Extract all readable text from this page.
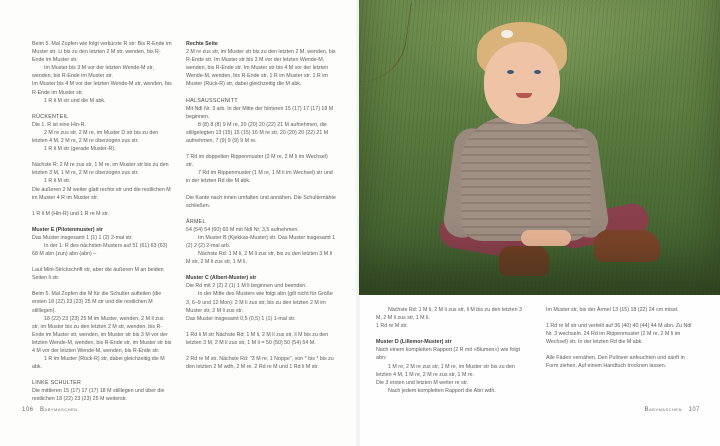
Beim 5. Mal Zopfen wie folgt verkürzte R str: Bis R-Ende im Muster str. Li bis zu den letzten 2 M str, wenden, bis R-Ende im Muster str.
Im Muster bis 3 M vor der letzten Wende-M str, wenden, bis R-Ende im Muster str.
Im Muster bis 4 M vor der letzten Wende-M str, wenden, bis R-Ende im Muster str.
1 R li M str und die M abk.

RÜCKENTEIL
Die 1. R ist eine Hin-R.
2 M re zus str, 2 M re, im Muster D str bis zu den letzten 4 M, 2 M re, 2 M re überzogen zus str.
1 R li M str (gerade Muster-R).

Nächste R: 2 M re zus str, 1 M re, im Muster str bis zu den letzten 3 M, 1 M re, 2 M re überzogen zus str.
1 R li M str.
Die äußeren 2 M weiter glatt rechts str und die restlichen M im Muster 4 R im Muster str.

1 R li M (Hin-R) und 1 R re M str.

Muster E (Pilotenmuster) str
Das Muster insgesamt 1 (1) 1 (2) 2-mal str.
In der 1. R des nächsten Musters auf 51 (61) 63 (63) 68 M abn (zun) abn (abn) –

Laut Mini-Strickschrift str, aber die äußeren M an beiden Seiten li str.

Beim 5. Mal Zopfen die M für die Schulter aufteilen (die ersten 18 (22) 23 (23) 25 M str und die restlichen M stilllegen).
18 (22) 23 (23) 25 M im Muster, wenden, 2 M li zus str, im Muster bis zu den letzten 2 M str, wenden, bis R-Ende im Muster str, wenden, im Muster str bis 3 M vor der letzten Wende-M, wenden, bis R-Ende str, im Muster str bis 4 M vor der letzten Wende-M, wenden, bis R-Ende str.
1 R im Muster (Rück-R) str, dabei gleichzeitig die M abk.

LINKE SCHULTER
Die mittleren 15 (17) 17 (17) 18 M stilllegen und über die restlichen 18 (22) 23 (23) 25 M weiterstr.

Rechte Seite
2 M re zus str, im Muster str bis zu den letzten 2 M, wenden, bis R-Ende str. Im Muster str bis 3 M vor der letzten Wende-M, wenden, bis R-Ende str. Im Muster str bis 4 M vor der letzten Wende-M, wenden, bis R-Ende str. 1 R im Muster str. 1 R im Muster (Rück-R) str, dabei gleichzeitig die M abk.

HALSAUSSCHNITT
Mit Ndl Nr. 3 arb. In der Mitte der hinteren 15 (17) 17 (17) 18 M beginnen.
8 (8) 8 (8) 9 M re, 20 (20) 20 (22) 21 M aufnehmen, die stillgelegten 13 (15) 15 (15) 16 M re str, 20 (20) 20 (22) 21 M aufnehmen, 7 (9) 9 (9) 9 M re.

7 Rd im doppelten Rippenmuster (2 M re, 2 M li im Wechsel) str.
7 Rd im Rippenmuster (1 M re, 1 M li im Wechsel) str und in der letzten Rd die M abk.

Die Kante nach innen umfalten und annähen. Die Schulternähte schließen.

ÄRMEL
54 (54) 54 (60) 60 M mit Ndl Nr. 3,5 aufnehmen.
Im Muster B (Kjekkas-Muster) str. Das Muster insgesamt 1 (2) 2 (2) 2-mal arb.
Nächste Rd: 1 M li, 2 M li zus str, bis zu den letzten 3 M li M str, 2 M li zus str, 1 M li.

Muster C (Albert-Muster) str
Die Rd mit 2 (2) 2 (1) 1 M li beginnen und beenden.
In der Mitte des Musters wie folgt abn (gilt nicht für Größe 3, 6–9 und 12 Mon): 2 M li zus str, bis zu den letzten 2 M im Muster str, 2 M li zus str.
Das Muster insgesamt 0,5 (0,5) 1 (1) 1-mal str.

1 Rd li M str Nächste Rd: 1 M li, 2 M li zus str, li M bis zu den letzten 3 M, 2 M li zus str, 1 M li = 50 (50) 50 (54) 54 M.

2 Rd re M str. Nächste Rd: "3 M re, 1 Noppe", von * bis * bis zu den letzten 2 M wdh, 2 M re. 2 Rd re M und 1 Rd li M str.

106 Babymaschen

Nächste Rd: 1 M li, 2 M li zus str, li M bis zu den letzten 3 M, 2 M li zus str, 1 M li.
1 Rd re M str.

Muster D (Lillemor-Muster) str
Nach einem kompletten Rapport (2 R mit «Blumen») wie folgt abn:
1 M re, 2 M re zus str, 1 M re, im Muster str bis zu den letzten 4 M, 1 M re, 2 M re zus str, 1 M re.
Die 3 ersten und letzten M weiter re str.
Nach jedem kompletten Rapport die Abn wdh.

Im Muster str, bis der Ärmel 13 (15) 18 (22) 24 cm misst.

1 Rd re M str und verteilt auf 36 (40) 40 (44) 44 M abn. Zu Ndl Nr. 3 wechseln. 24 Rd im Rippenmuster (2 M re, 2 M li im Wechsel) str. In der letzten Rd die M abk.

Alle Fäden vernähen. Den Pullover anfeuchten und sanft in Form ziehen. Auf einem Handtuch trocknen lassen.

Babymaschen 107
